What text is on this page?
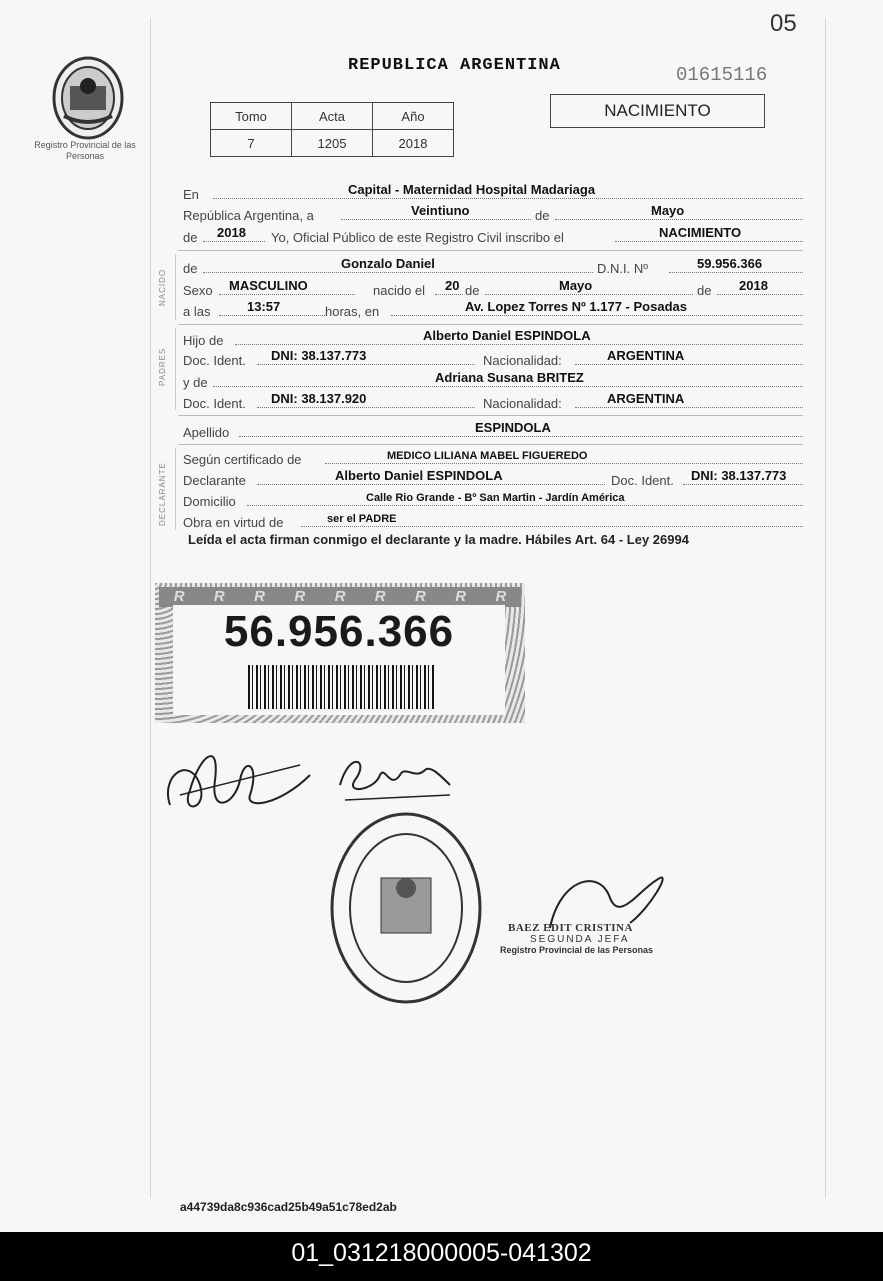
05
Registro Provincial de las Personas
REPUBLICA ARGENTINA	01615116
NACIMIENTO
Tomo	Acta	Año
7	1205	2018
En	Capital - Maternidad Hospital Madariaga
República Argentina, a	Veintiuno	de	Mayo
de 2018 Yo, Oficial Público de este Registro Civil inscribo el	NACIMIENTO
NACIDO
de	Gonzalo Daniel	D.N.I. Nº	59.956.366
Sexo MASCULINO	nacido el 20 de	Mayo	de 2018
a las	13:57	horas, en	Av. Lopez Torres Nº 1.177 - Posadas
PADRES
Hijo de	Alberto Daniel ESPINDOLA
Doc. Ident. DNI: 38.137.773	Nacionalidad:	ARGENTINA
y de	Adriana Susana BRITEZ
Doc. Ident. DNI: 38.137.920	Nacionalidad:	ARGENTINA
Apellido	ESPINDOLA
DECLARANTE
Según certificado de	MEDICO LILIANA MABEL FIGUEREDO
Declarante	Alberto Daniel ESPINDOLA	Doc. Ident. DNI: 38.137.773
Domicilio	Calle Rio Grande - Bº San Martin - Jardín América
Obra en virtud de	ser el PADRE
Leída el acta firman conmigo el declarante y la madre. Hábiles Art. 64 - Ley 26994
R	R	R	R	R	R	R	R	R
56.956.366
BAEZ EDIT CRISTINA
SEGUNDA JEFA
Registro Provincial de las Personas
a44739da8c936cad25b49a51c78ed2ab
01_031218000005-041302
